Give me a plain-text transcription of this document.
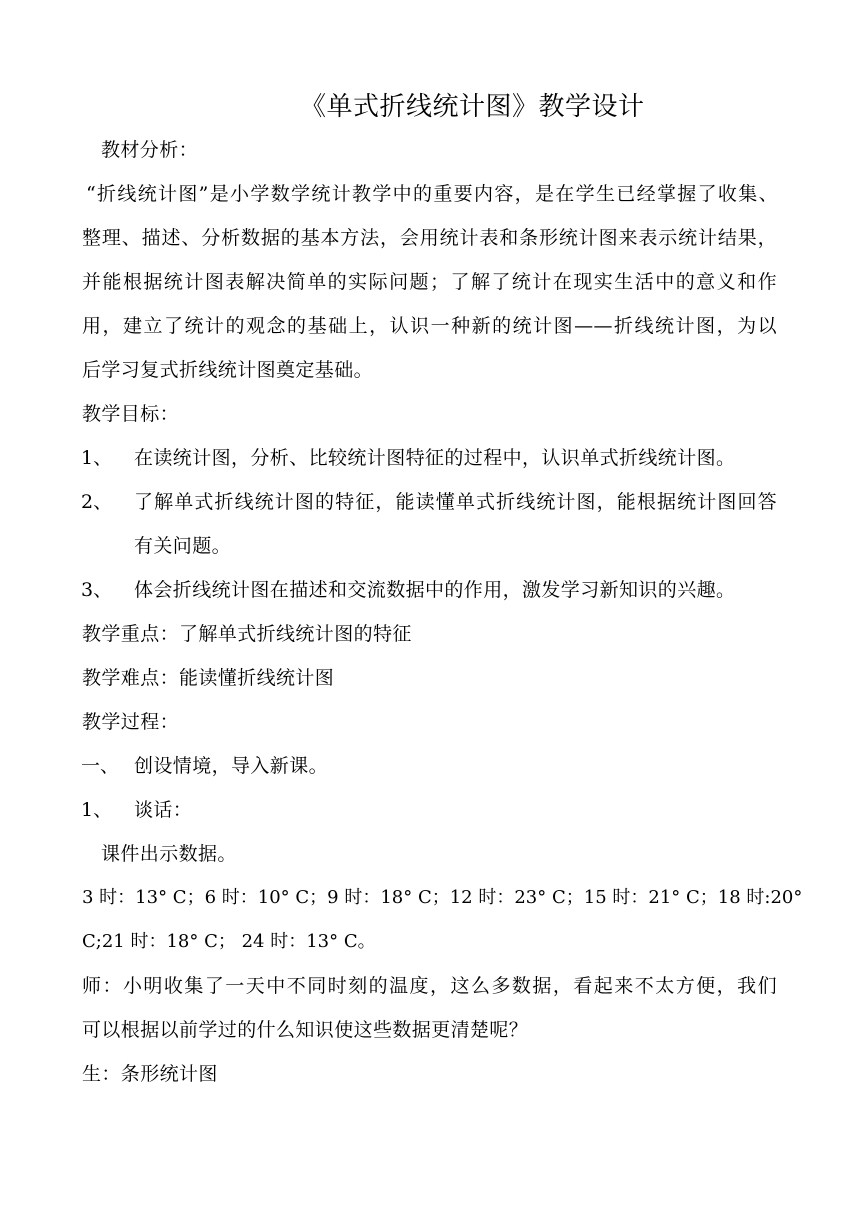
《单式折线统计图》教学设计
教材分析：
“折线统计图”是小学数学统计教学中的重要内容，是在学生已经掌握了收集、
整理、描述、分析数据的基本方法，会用统计表和条形统计图来表示统计结果，
并能根据统计图表解决简单的实际问题；了解了统计在现实生活中的意义和作
用，建立了统计的观念的基础上，认识一种新的统计图——折线统计图，为以
后学习复式折线统计图奠定基础。
教学目标：
1、 在读统计图，分析、比较统计图特征的过程中，认识单式折线统计图。
2、 了解单式折线统计图的特征，能读懂单式折线统计图，能根据统计图回答
有关问题。
3、 体会折线统计图在描述和交流数据中的作用，激发学习新知识的兴趣。
教学重点：了解单式折线统计图的特征
教学难点：能读懂折线统计图
教学过程：
一、 创设情境，导入新课。
1、 谈话：
课件出示数据。
3 时：13° C；6 时：10° C；9 时：18° C；12 时：23° C；15 时：21° C；18 时:20°
C;21 时：18° C； 24 时：13° C。
师：小明收集了一天中不同时刻的温度，这么多数据，看起来不太方便，我们
可以根据以前学过的什么知识使这些数据更清楚呢？
生：条形统计图
